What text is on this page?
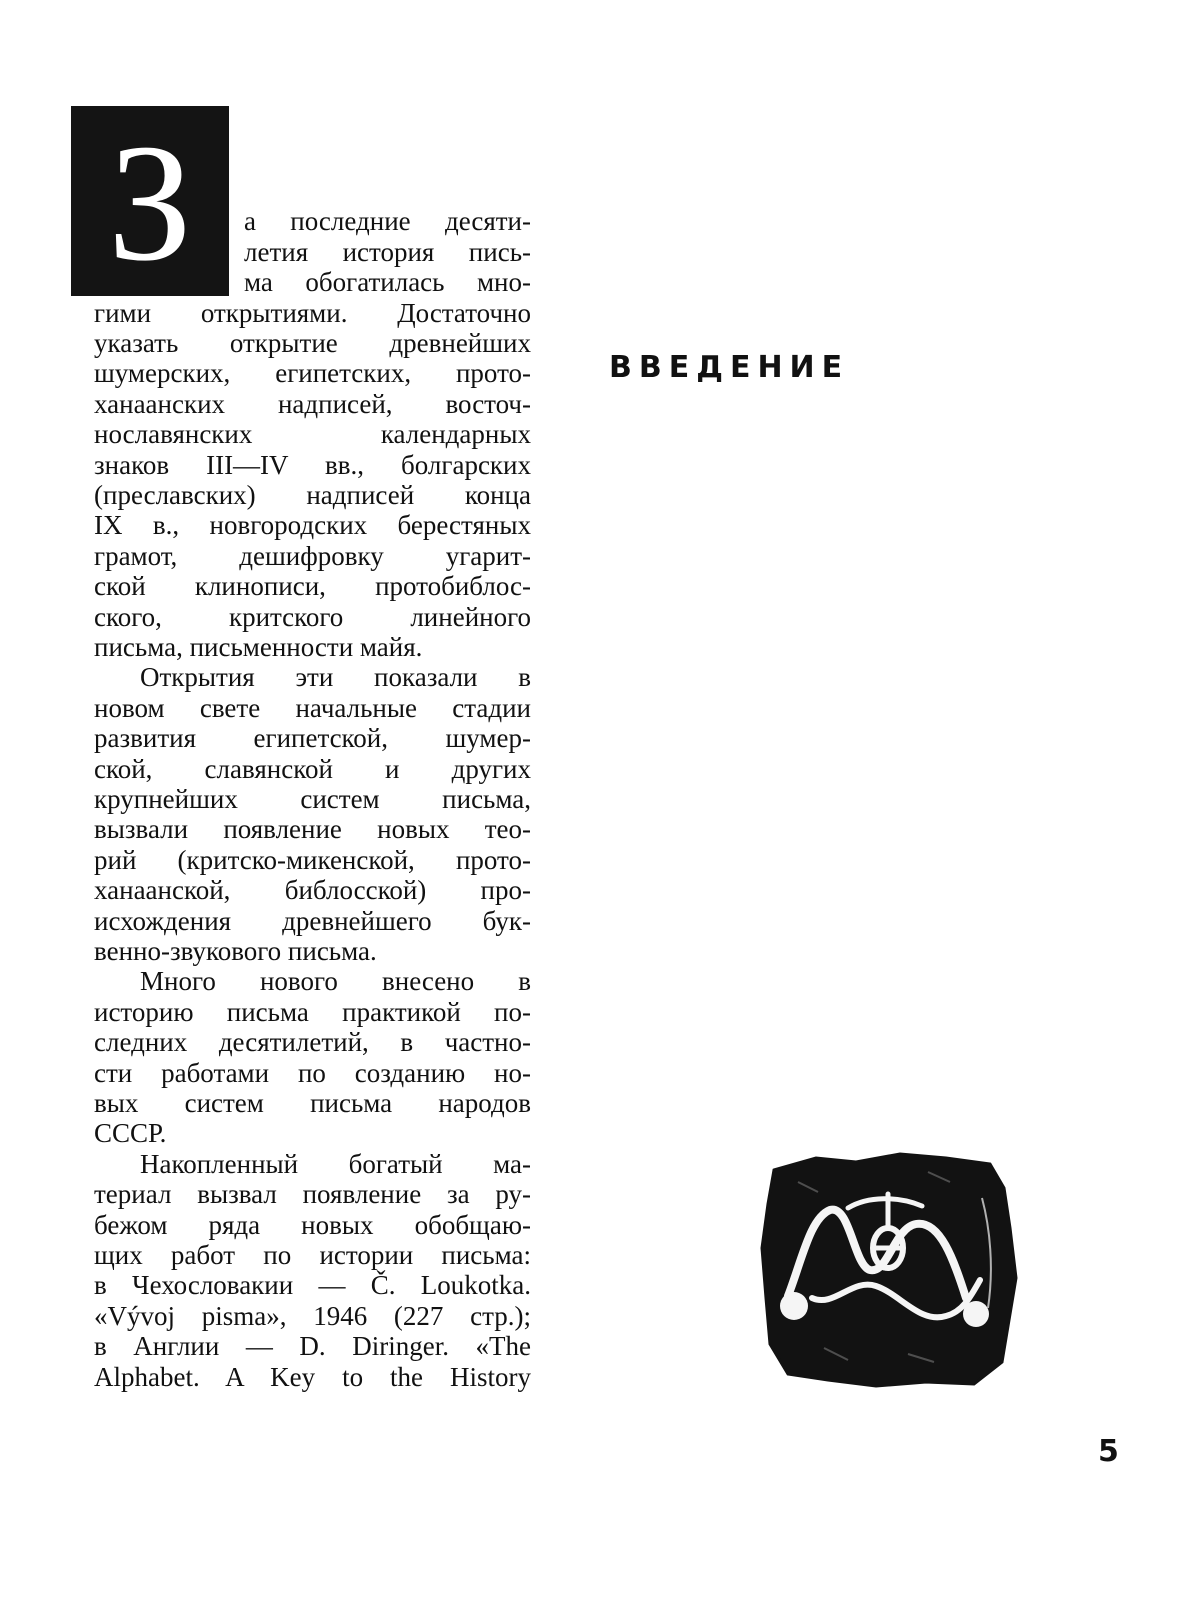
З	а последние десяти-
летия история пись-
ма обогатилась мно-
гими открытиями. Достаточно
указать открытие древнейших
шумерских, египетских, прото-
ханаанских надписей, восточ-
нославянских календарных
знаков III—IV вв., болгарских
(преславских) надписей конца
IX в., новгородских берестяных
грамот, дешифровку угарит-
ской клинописи, протобиблос-
ского, критского линейного
письма, письменности майя.
Открытия эти показали в
новом свете начальные стадии
развития египетской, шумер-
ской, славянской и других
крупнейших систем письма,
вызвали появление новых тео-
рий (критско-микенской, прото-
ханаанской, библосской) про-
исхождения древнейшего бук-
венно-звукового письма.
Много нового внесено в
историю письма практикой по-
следних десятилетий, в частно-
сти работами по созданию но-
вых систем письма народов
СССР.
Накопленный богатый ма-
териал вызвал появление за ру-
бежом ряда новых обобщаю-
щих работ по истории письма:
в Чехословакии — Č. Loukotka.
«Vývoj pisma», 1946 (227 стр.);
в Англии — D. Diringer. «The
Alphabet. A Key to the History
ВВЕДЕНИЕ
5
